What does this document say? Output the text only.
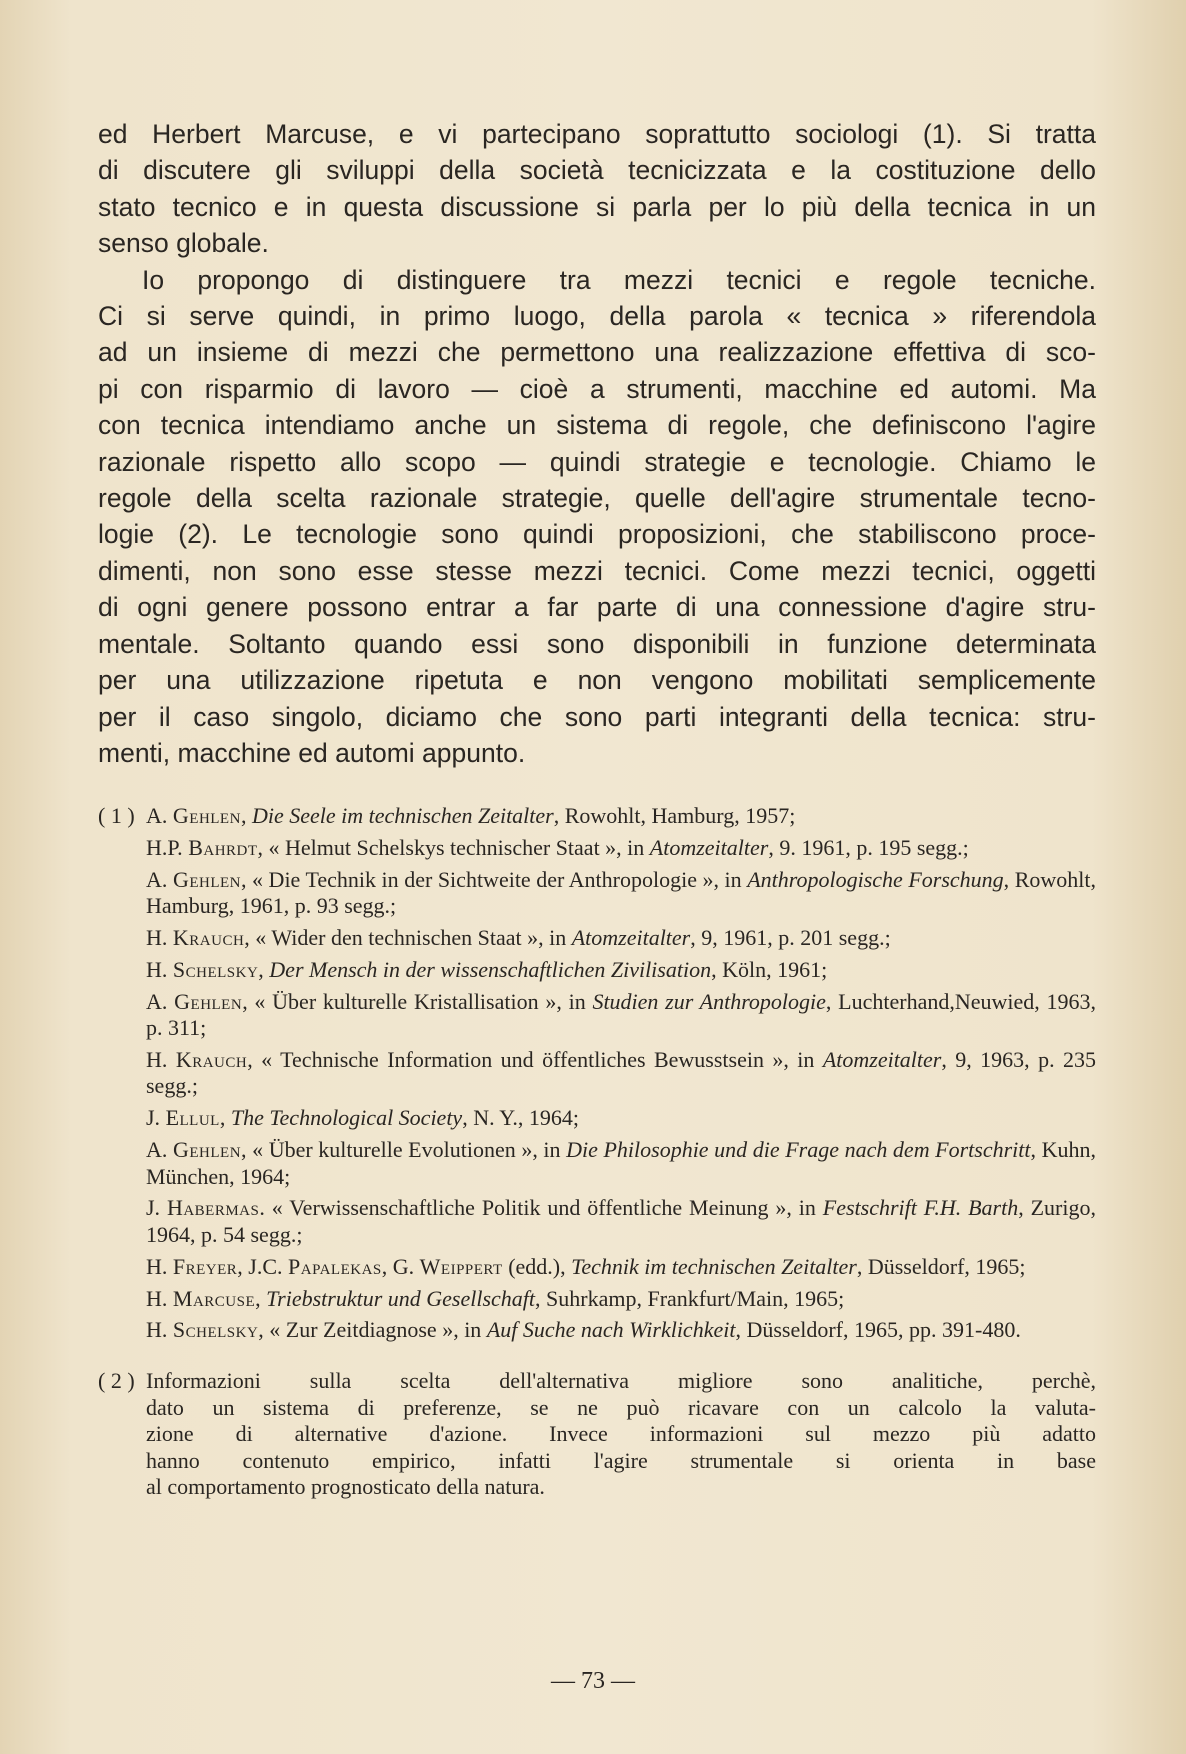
ed Herbert Marcuse, e vi partecipano soprattutto sociologi (1). Si tratta
di discutere gli sviluppi della società tecnicizzata e la costituzione dello
stato tecnico e in questa discussione si parla per lo più della tecnica in un
senso globale.
Io propongo di distinguere tra mezzi tecnici e regole tecniche.
Ci si serve quindi, in primo luogo, della parola « tecnica » riferendola
ad un insieme di mezzi che permettono una realizzazione effettiva di sco-
pi con risparmio di lavoro — cioè a strumenti, macchine ed automi. Ma
con tecnica intendiamo anche un sistema di regole, che definiscono l'agire
razionale rispetto allo scopo — quindi strategie e tecnologie. Chiamo le
regole della scelta razionale strategie, quelle dell'agire strumentale tecno-
logie (2). Le tecnologie sono quindi proposizioni, che stabiliscono proce-
dimenti, non sono esse stesse mezzi tecnici. Come mezzi tecnici, oggetti
di ogni genere possono entrar a far parte di una connessione d'agire stru-
mentale. Soltanto quando essi sono disponibili in funzione determinata
per una utilizzazione ripetuta e non vengono mobilitati semplicemente
per il caso singolo, diciamo che sono parti integranti della tecnica: stru-
menti, macchine ed automi appunto.
( 1 ) A. Gehlen, Die Seele im technischen Zeitalter, Rowohlt, Hamburg, 1957;
H.P. Bahrdt, « Helmut Schelskys technischer Staat », in Atomzeitalter, 9. 1961, p. 195 segg.;
A. Gehlen, « Die Technik in der Sichtweite der Anthropologie », in Anthropologische Forschung, Rowohlt, Hamburg, 1961, p. 93 segg.;
H. Krauch, « Wider den technischen Staat », in Atomzeitalter, 9, 1961, p. 201 segg.;
H. Schelsky, Der Mensch in der wissenschaftlichen Zivilisation, Köln, 1961;
A. Gehlen, « Über kulturelle Kristallisation », in Studien zur Anthropologie, Luchterhand,Neuwied, 1963, p. 311;
H. Krauch, « Technische Information und öffentliches Bewusstsein », in Atomzeitalter, 9, 1963, p. 235 segg.;
J. Ellul, The Technological Society, N. Y., 1964;
A. Gehlen, « Über kulturelle Evolutionen », in Die Philosophie und die Frage nach dem Fortschritt, Kuhn, München, 1964;
J. Habermas. « Verwissenschaftliche Politik und öffentliche Meinung », in Festschrift F.H. Barth, Zurigo, 1964, p. 54 segg.;
H. Freyer, J.C. Papalekas, G. Weippert (edd.), Technik im technischen Zeitalter, Düsseldorf, 1965;
H. Marcuse, Triebstruktur und Gesellschaft, Suhrkamp, Frankfurt/Main, 1965;
H. Schelsky, « Zur Zeitdiagnose », in Auf Suche nach Wirklichkeit, Düsseldorf, 1965, pp. 391-480.
( 2 ) Informazioni sulla scelta dell'alternativa migliore sono analitiche, perchè,
dato un sistema di preferenze, se ne può ricavare con un calcolo la valuta-
zione di alternative d'azione. Invece informazioni sul mezzo più adatto
hanno contenuto empirico, infatti l'agire strumentale si orienta in base
al comportamento prognosticato della natura.
— 73 —
